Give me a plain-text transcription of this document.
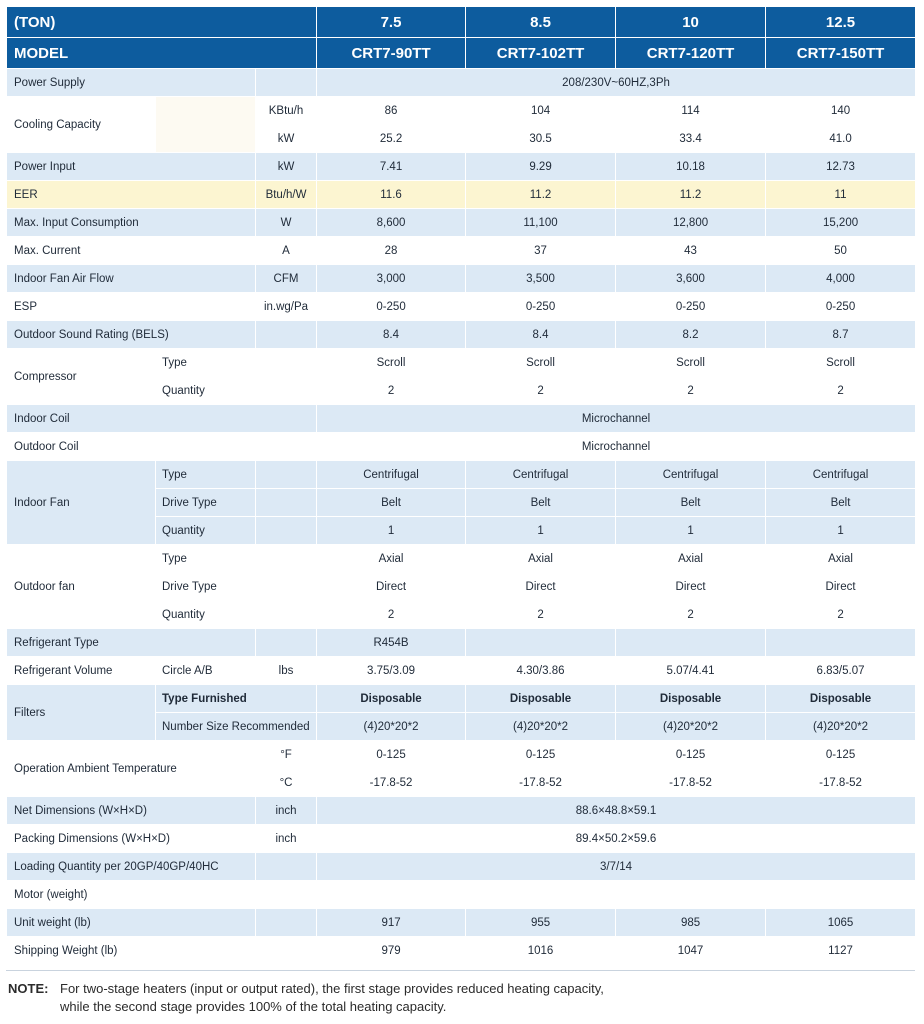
(TON)			7.5	8.5	10	12.5
MODEL			CRT7-90TT	CRT7-102TT	CRT7-120TT	CRT7-150TT
Power Supply			208/230V~60HZ,3Ph			
Cooling Capacity		KBtu/h	86	104	114	140
		kW	25.2	30.5	33.4	41.0
Power Input		kW	7.41	9.29	10.18	12.73
EER		Btu/h/W	11.6	11.2	11.2	11
Max. Input Consumption		W	8,600	11,100	12,800	15,200
Max. Current		A	28	37	43	50
Indoor Fan Air Flow		CFM	3,000	3,500	3,600	4,000
ESP		in.wg/Pa	0-250	0-250	0-250	0-250
Outdoor Sound Rating (BELS)			8.4	8.4	8.2	8.7
Compressor	Type		Scroll	Scroll	Scroll	Scroll
	Quantity		2	2	2	2
Indoor Coil			Microchannel			
Outdoor Coil			Microchannel			
Indoor Fan	Type		Centrifugal	Centrifugal	Centrifugal	Centrifugal
	Drive Type		Belt	Belt	Belt	Belt
	Quantity		1	1	1	1
Outdoor fan	Type		Axial	Axial	Axial	Axial
	Drive Type		Direct	Direct	Direct	Direct
	Quantity		2	2	2	2
Refrigerant Type			R454B			
Refrigerant Volume	Circle A/B	lbs	3.75/3.09	4.30/3.86	5.07/4.41	6.83/5.07
Filters	Type Furnished		Disposable	Disposable	Disposable	Disposable
	Number Size Recommended		(4)20*20*2	(4)20*20*2	(4)20*20*2	(4)20*20*2
Operation Ambient Temperature		°F	0-125	0-125	0-125	0-125
		°C	-17.8-52	-17.8-52	-17.8-52	-17.8-52
Net Dimensions (W×H×D)		inch	88.6×48.8×59.1			
Packing Dimensions (W×H×D)		inch	89.4×50.2×59.6			
Loading Quantity per 20GP/40GP/40HC			3/7/14			
Motor (weight)						
Unit weight (lb)			917	955	985	1065
Shipping Weight (lb)			979	1016	1047	1127
NOTE: For two-stage heaters (input or output rated), the first stage provides reduced heating capacity,
while the second stage provides 100% of the total heating capacity.
